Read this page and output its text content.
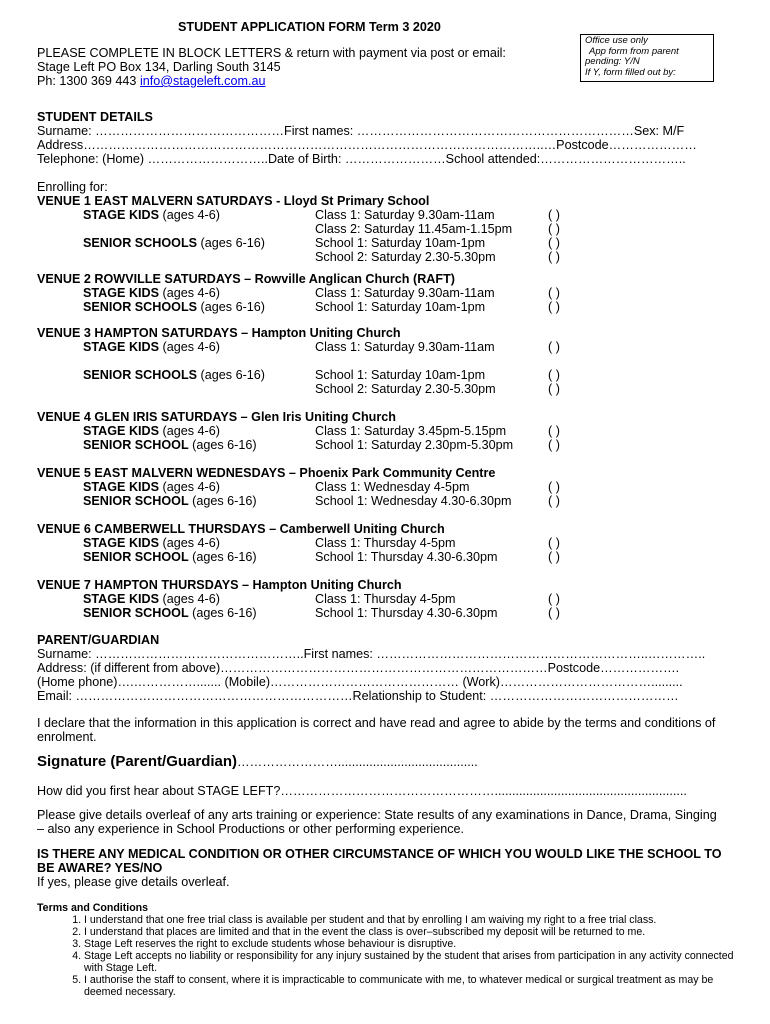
STUDENT APPLICATION FORM Term 3 2020
Office use only
App form from parent
pending: Y/N
If Y, form filled out by:
PLEASE COMPLETE IN BLOCK LETTERS & return with payment via post or email:
Stage Left PO Box 134, Darling South 3145
Ph: 1300 369 443 info@stageleft.com.au
STUDENT DETAILS
Surname: ………………………………………First names: …………………………………………………………Sex: M/F
Address………………………………………………………………………………………………..…Postcode…………………
Telephone: (Home) ………………………..Date of Birth: ……………………School attended:……………………………..
Enrolling for:
VENUE 1 EAST MALVERN SATURDAYS - Lloyd St Primary School
STAGE KIDS (ages 4-6)	Class 1: Saturday 9.30am-11am	( )
Class 2: Saturday 11.45am-1.15pm	( )
SENIOR SCHOOLS (ages 6-16)	School 1: Saturday 10am-1pm	( )
School 2: Saturday 2.30-5.30pm	( )
VENUE 2 ROWVILLE SATURDAYS – Rowville Anglican Church (RAFT)
STAGE KIDS (ages 4-6)	Class 1: Saturday 9.30am-11am	( )
SENIOR SCHOOLS (ages 6-16)	School 1: Saturday 10am-1pm	( )
VENUE 3 HAMPTON SATURDAYS – Hampton Uniting Church
STAGE KIDS (ages 4-6)	Class 1: Saturday 9.30am-11am	( )
SENIOR SCHOOLS (ages 6-16)	School 1: Saturday 10am-1pm	( )
School 2: Saturday 2.30-5.30pm	( )
VENUE 4 GLEN IRIS SATURDAYS – Glen Iris Uniting Church
STAGE KIDS (ages 4-6)	Class 1: Saturday 3.45pm-5.15pm	( )
SENIOR SCHOOL (ages 6-16)	School 1: Saturday 2.30pm-5.30pm	( )
VENUE 5 EAST MALVERN WEDNESDAYS – Phoenix Park Community Centre
STAGE KIDS (ages 4-6)	Class 1: Wednesday 4-5pm	( )
SENIOR SCHOOL (ages 6-16)	School 1: Wednesday 4.30-6.30pm	( )
VENUE 6 CAMBERWELL THURSDAYS – Camberwell Uniting Church
STAGE KIDS (ages 4-6)	Class 1: Thursday 4-5pm	( )
SENIOR SCHOOL (ages 6-16)	School 1: Thursday 4.30-6.30pm	( )
VENUE 7 HAMPTON THURSDAYS – Hampton Uniting Church
STAGE KIDS (ages 4-6)	Class 1: Thursday 4-5pm	( )
SENIOR SCHOOL (ages 6-16)	School 1: Thursday 4.30-6.30pm	( )
PARENT/GUARDIAN
Surname: …………………………………………..First names: ………………………………………………………..…………..
Address: (if different from above)……………………………………………………………………Postcode……………….
(Home phone)….……………....... (Mobile)……………………………………… (Work)……………………………….........
Email: …………………………………………………………Relationship to Student: ………………………………………
I declare that the information in this application is correct and have read and agree to abide by the terms and conditions of enrolment.
Signature (Parent/Guardian)……………………........................................
How did you first hear about STAGE LEFT?…………………………………………….......................................................
Please give details overleaf of any arts training or experience: State results of any examinations in Dance, Drama, Singing – also any experience in School Productions or other performing experience.
IS THERE ANY MEDICAL CONDITION OR OTHER CIRCUMSTANCE OF WHICH YOU WOULD LIKE THE SCHOOL TO BE AWARE? YES/NO
If yes, please give details overleaf.
Terms and Conditions
1. I understand that one free trial class is available per student and that by enrolling I am waiving my right to a free trial class.
2. I understand that places are limited and that in the event the class is over–subscribed my deposit will be returned to me.
3. Stage Left reserves the right to exclude students whose behaviour is disruptive.
4. Stage Left accepts no liability or responsibility for any injury sustained by the student that arises from participation in any activity connected with Stage Left.
5. I authorise the staff to consent, where it is impracticable to communicate with me, to whatever medical or surgical treatment as may be deemed necessary.
